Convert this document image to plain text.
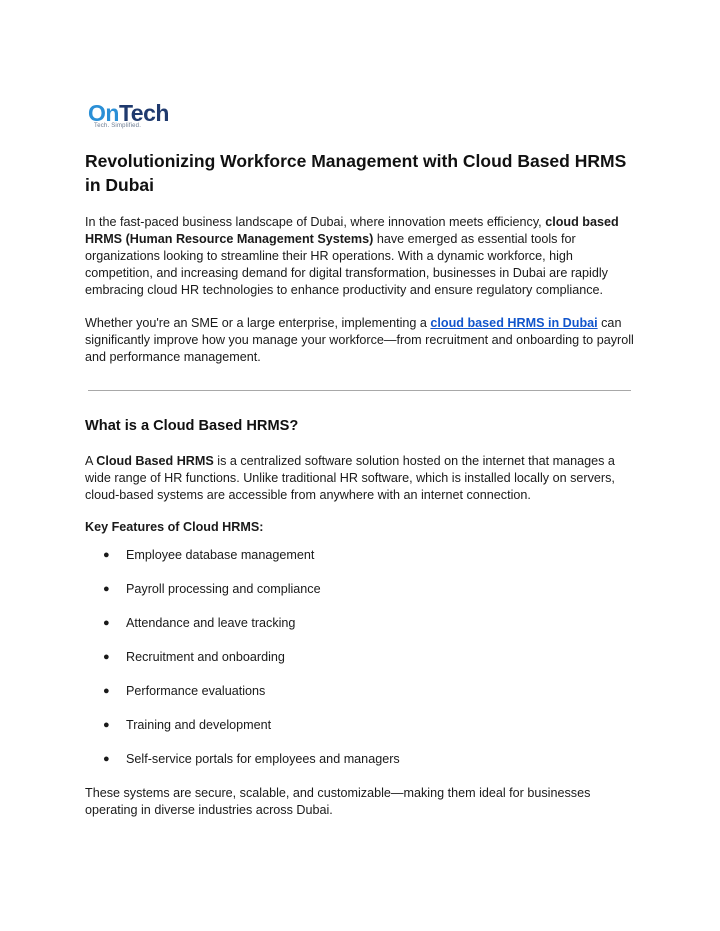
OnTech
Tech. Simplified.
Revolutionizing Workforce Management with Cloud Based HRMS in Dubai

In the fast-paced business landscape of Dubai, where innovation meets efficiency, cloud based HRMS (Human Resource Management Systems) have emerged as essential tools for organizations looking to streamline their HR operations. With a dynamic workforce, high competition, and increasing demand for digital transformation, businesses in Dubai are rapidly embracing cloud HR technologies to enhance productivity and ensure regulatory compliance.

Whether you're an SME or a large enterprise, implementing a cloud based HRMS in Dubai can significantly improve how you manage your workforce—from recruitment and onboarding to payroll and performance management.

What is a Cloud Based HRMS?

A Cloud Based HRMS is a centralized software solution hosted on the internet that manages a wide range of HR functions. Unlike traditional HR software, which is installed locally on servers, cloud-based systems are accessible from anywhere with an internet connection.

Key Features of Cloud HRMS:

● Employee database management
● Payroll processing and compliance
● Attendance and leave tracking
● Recruitment and onboarding
● Performance evaluations
● Training and development
● Self-service portals for employees and managers

These systems are secure, scalable, and customizable—making them ideal for businesses operating in diverse industries across Dubai.
